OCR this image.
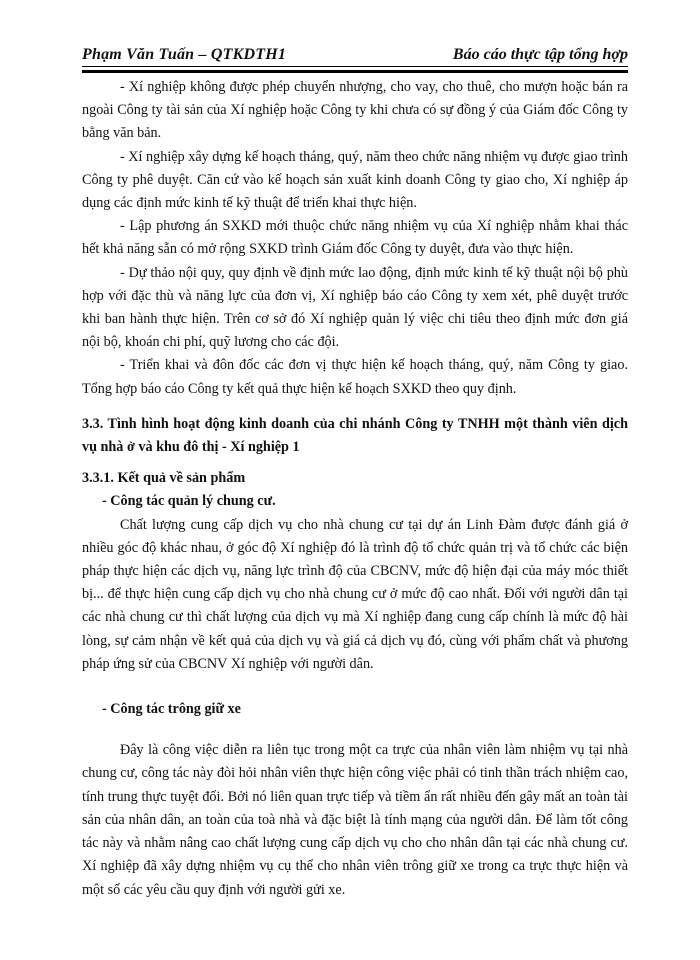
Phạm Văn Tuấn – QTKDTH1	Báo cáo thực tập tổng hợp

- Xí nghiệp không được phép chuyển nhượng, cho vay, cho thuê, cho mượn hoặc bán ra ngoài Công ty tài sản của Xí nghiệp hoặc Công ty khi chưa có sự đồng ý của Giám đốc Công ty bằng văn bản.

- Xí nghiệp xây dựng kế hoạch tháng, quý, năm theo chức năng nhiệm vụ được giao trình Công ty phê duyệt. Căn cứ vào kế hoạch sản xuất kinh doanh Công ty giao cho, Xí nghiệp áp dụng các định mức kinh tế kỹ thuật để triển khai thực hiện.

- Lập phương án SXKD mới thuộc chức năng nhiệm vụ của Xí nghiệp nhằm khai thác hết khả năng sẵn có mở rộng SXKD trình Giám đốc Công ty duyệt, đưa vào thực hiện.

- Dự thảo nội quy, quy định về định mức lao động, định mức kinh tế kỹ thuật nội bộ phù hợp với đặc thù và năng lực của đơn vị, Xí nghiệp báo cáo Công ty xem xét, phê duyệt trước khi ban hành thực hiện. Trên cơ sở đó Xí nghiệp quản lý việc chi tiêu theo định mức đơn giá nội bộ, khoán chi phí, quỹ lương cho các đội.

- Triển khai và đôn đốc các đơn vị thực hiện kế hoạch tháng, quý, năm Công ty giao. Tổng hợp báo cáo Công ty kết quả thực hiện kế hoạch SXKD theo quy định.

3.3. Tình hình hoạt động kinh doanh của chi nhánh Công ty TNHH một thành viên dịch vụ nhà ở và khu đô thị - Xí nghiệp 1

3.3.1. Kết quả về sản phẩm

- Công tác quản lý chung cư.

Chất lượng cung cấp dịch vụ cho nhà chung cư tại dự án Linh Đàm được đánh giá ở nhiều góc độ khác nhau, ở góc độ Xí nghiệp đó là trình độ tổ chức quản trị và tổ chức các biện pháp thực hiện các dịch vụ, năng lực trình độ của CBCNV, mức độ hiện đại của máy móc thiết bị... để thực hiện cung cấp dịch vụ cho nhà chung cư ở mức độ cao nhất. Đối với người dân tại các nhà chung cư thì chất lượng của dịch vụ mà Xí nghiệp đang cung cấp chính là mức độ hài lòng, sự cảm nhận về kết quả của dịch vụ và giá cả dịch vụ đó, cùng với phẩm chất và phương pháp ứng sử của CBCNV Xí nghiệp với người dân.

- Công tác trông giữ xe

Đây là công việc diễn ra liên tục trong một ca trực của nhân viên làm nhiệm vụ tại nhà chung cư, công tác này đòi hỏi nhân viên thực hiện công việc phải có tinh thần trách nhiệm cao, tính trung thực tuyệt đối. Bởi nó liên quan trực tiếp và tiềm ẩn rất nhiều đến gây mất an toàn tài sản của nhân dân, an toàn của toà nhà và đặc biệt là tính mạng của người dân. Để làm tốt công tác này và nhằm nâng cao chất lượng cung cấp dịch vụ cho cho nhân dân tại các nhà chung cư. Xí nghiệp đã xây dựng nhiệm vụ cụ thể cho nhân viên trông giữ xe trong ca trực thực hiện và một số các yêu cầu quy định với người gửi xe.
